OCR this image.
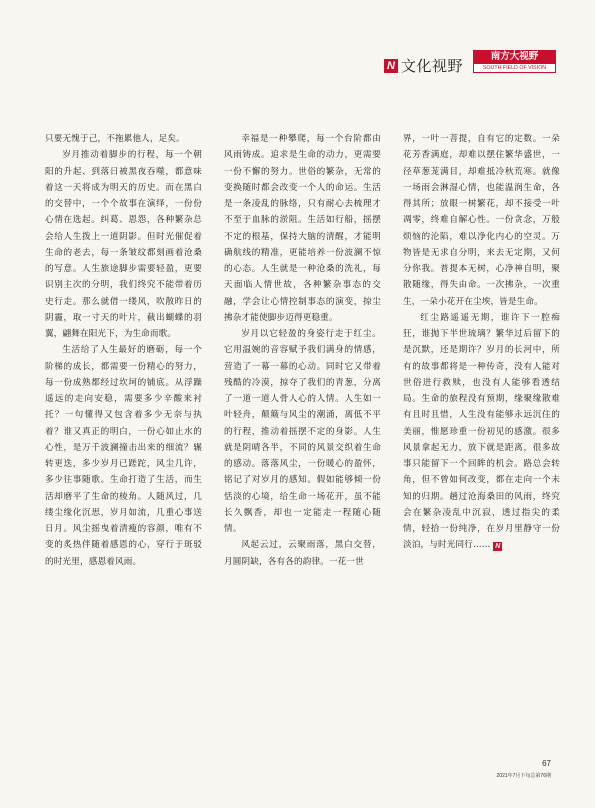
N 文化视野
南方大视野
SOUTH FIELD OF VISION

只要无愧于己，不拖累他人，足矣。

岁月推动着脚步的行程，每一个朝阳的升起、到落日被黑夜吞噬，都意味着这一天将成为明天的历史。而在黑白的交替中，一个个故事在演绎，一份份心情在选起。纠葛、恩怨，各种繁杂总会给人生拨上一道阴影。但时光催促着生命的老去，每一条皱纹都刻画着沧桑的写意。人生旅途脚步需要轻盈，更要识别主次的分明，我们终究不能带着历史行走。那么就借一缕风，吹散昨日的阴霾，取一寸天的叶片，截出蝴蝶的羽翼，翩舞在阳光下，为生命而歌。

生活给了人生最好的磨砺，每一个阶梯的成长，都需要一份精心的努力，每一份成熟都经过坎坷的铺底。从浮躁遥远的走向安稳，需要多少辛酸来衬托？一句懂得又包含着多少无奈与执着？谁又真正的明白，一份心如止水的心性，是万千波澜撞击出来的细流？辗转更迭，多少岁月已蹉跎，风尘几许，多少往事随歌。生命打造了生活，而生活却磨平了生命的棱角。人随风过，几缕尘缘化沉思，岁月如流，几重心事送日月。风尘摇曳着清瘦的容颜，唯有不变的炙热伴随着感恩的心，穿行于斑驳的时光里，感恩着风雨。

幸福是一种攀爬，每一个台阶都由风雨铸成。追求是生命的动力，更需要一份不懈的努力。世俗的繁杂，无常的变换随时都会改变一个人的命运。生活是一条凌乱的脉络，只有耐心去梳理才不至于血脉的淤阻。生活如行船，摇摆不定的根基，保持大脑的清醒，才能明确航线的精准，更能培养一份波澜不惊的心态。人生就是一种沧桑的洗礼，每天面临人情世故，各种繁杂事态的交融，学会让心情控制事态的演变，掠尘拂杂才能使脚步迈得更稳重。

岁月以它轻盈的身姿行走于红尘。它用温婉的音容赋予我们满身的情感，营造了一幕一幕的心动。同时它又带着残酷的冷漠，掠夺了我们的青葱，分离了一道一道人骨人心的人情。人生如一叶轻舟，颠簸与风尘的潮涌，离低不平的行程，推动着摇摆不定的身影。人生就是阴晴各半，不同的风景交织着生命的感动。落落风尘，一份暖心的盈怀，铭记了对岁月的感知。假如能够倾一份恬淡的心境，给生命一场花开，虽不能长久飘香，却也一定能走一程随心随情。

风起云过，云聚雨落，黑白交替，月圆阴缺，各有各的韵律。一花一世

界，一叶一菩提，自有它的定数。一朵花芳香满庭，却难以摆住繁华盛世，一径草葱茏满目，却难抵冷秋荒寒。就像一场雨会淋湿心情，也能温润生命，各得其所；放眼一树繁花，却不接受一叶凋零，终难自解心性。一份贪念，万般烦恼的沦陷，难以净化内心的空灵。万物皆是无求自分明，来去无定期，又何分你我。普提本无树，心净神自明，聚散随缘，得失由命。一次拂杂，一次重生，一朵小花开在尘埃，皆是生命。

红尘路遥遥无期，谁许下一腔痴狂，谁抛下半世琉璃？繁华过后留下的是沉默，还是期许？岁月的长河中，所有的故事都将是一种传奇，没有人能对世俗进行救赎，也没有人能够看透结局。生命的旅程没有预期，缘聚缘散难有且时且惜，人生没有能够永远沉住的美丽，惟愿珍重一份初见的感激。很多风景拿起无力，放下就是距离，很多故事只能留下一个回眸的机会。路总会转角，但不曾如何改变，都在走向一个未知的归期。趟过沧海桑田的风雨，终究会在繁杂凌乱中沉寂，透过指尖的柔情，轻拾一份纯净，在岁月里静守一份淡泊，与时光同行…… N

67
2021年7月下旬总第76期
